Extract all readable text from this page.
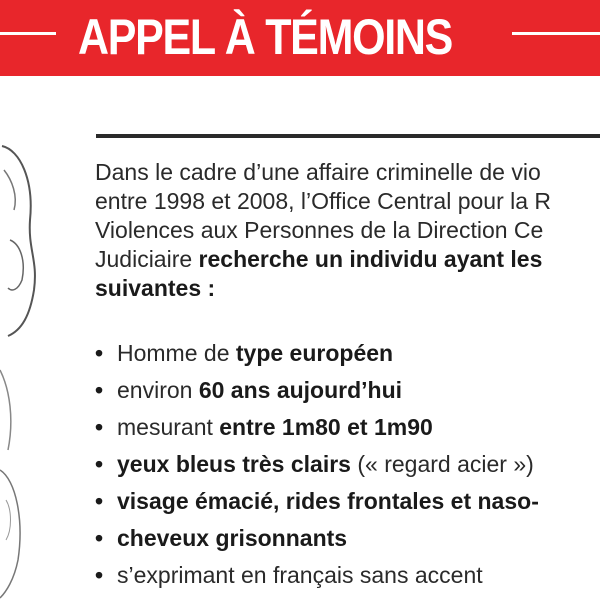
APPEL À TÉMOINS
Dans le cadre d’une affaire criminelle de vio
entre 1998 et 2008, l’Office Central pour la R
Violences aux Personnes de la Direction Ce
Judiciaire recherche un individu ayant les
suivantes :
• Homme de type européen
• environ 60 ans aujourd’hui
• mesurant entre 1m80 et 1m90
• yeux bleus très clairs (« regard acier »)
• visage émacié, rides frontales et naso-
• cheveux grisonnants
• s’exprimant en français sans accent
